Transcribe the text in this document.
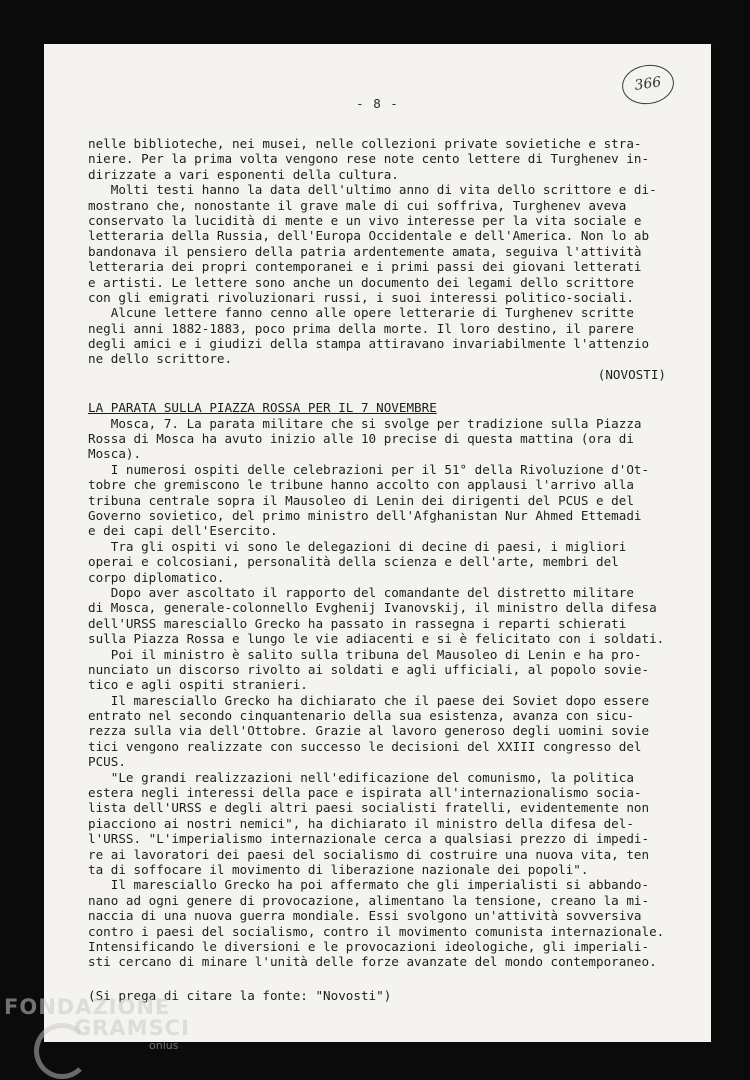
- 8 -
366
nelle biblioteche, nei musei, nelle collezioni private sovietiche e stra-
niere. Per la prima volta vengono rese note cento lettere di Turghenev in-
dirizzate a vari esponenti della cultura.
Molti testi hanno la data dell'ultimo anno di vita dello scrittore e di-
mostrano che, nonostante il grave male di cui soffriva, Turghenev aveva
conservato la lucidità di mente e un vivo interesse per la vita sociale e
letteraria della Russia, dell'Europa Occidentale e dell'America. Non lo ab
bandonava il pensiero della patria ardentemente amata, seguiva l'attività
letteraria dei propri contemporanei e i primi passi dei giovani letterati
e artisti. Le lettere sono anche un documento dei legami dello scrittore
con gli emigrati rivoluzionari russi, i suoi interessi politico-sociali.
Alcune lettere fanno cenno alle opere letterarie di Turghenev scritte
negli anni 1882-1883, poco prima della morte. Il loro destino, il parere
degli amici e i giudizi della stampa attiravano invariabilmente l'attenzio
ne dello scrittore.
(NOVOSTI)
LA PARATA SULLA PIAZZA ROSSA PER IL 7 NOVEMBRE
Mosca, 7. La parata militare che si svolge per tradizione sulla Piazza
Rossa di Mosca ha avuto inizio alle 10 precise di questa mattina (ora di
Mosca).
I numerosi ospiti delle celebrazioni per il 51° della Rivoluzione d'Ot-
tobre che gremiscono le tribune hanno accolto con applausi l'arrivo alla
tribuna centrale sopra il Mausoleo di Lenin dei dirigenti del PCUS e del
Governo sovietico, del primo ministro dell'Afghanistan Nur Ahmed Ettemadi
e dei capi dell'Esercito.
Tra gli ospiti vi sono le delegazioni di decine di paesi, i migliori
operai e colcosiani, personalità della scienza e dell'arte, membri del
corpo diplomatico.
Dopo aver ascoltato il rapporto del comandante del distretto militare
di Mosca, generale-colonnello Evghenij Ivanovskij, il ministro della difesa
dell'URSS maresciallo Grecko ha passato in rassegna i reparti schierati
sulla Piazza Rossa e lungo le vie adiacenti e si è felicitato con i soldati.
Poi il ministro è salito sulla tribuna del Mausoleo di Lenin e ha pro-
nunciato un discorso rivolto ai soldati e agli ufficiali, al popolo sovie-
tico e agli ospiti stranieri.
Il maresciallo Grecko ha dichiarato che il paese dei Soviet dopo essere
entrato nel secondo cinquantenario della sua esistenza, avanza con sicu-
rezza sulla via dell'Ottobre. Grazie al lavoro generoso degli uomini sovie
tici vengono realizzate con successo le decisioni del XXIII congresso del
PCUS.
"Le grandi realizzazioni nell'edificazione del comunismo, la politica
estera negli interessi della pace e ispirata all'internazionalismo socia-
lista dell'URSS e degli altri paesi socialisti fratelli, evidentemente non
piacciono ai nostri nemici", ha dichiarato il ministro della difesa del-
l'URSS. "L'imperialismo internazionale cerca a qualsiasi prezzo di impedi-
re ai lavoratori dei paesi del socialismo di costruire una nuova vita, ten
ta di soffocare il movimento di liberazione nazionale dei popoli".
Il maresciallo Grecko ha poi affermato che gli imperialisti si abbando-
nano ad ogni genere di provocazione, alimentano la tensione, creano la mi-
naccia di una nuova guerra mondiale. Essi svolgono un'attività sovversiva
contro i paesi del socialismo, contro il movimento comunista internazionale.
Intensificando le diversioni e le provocazioni ideologiche, gli imperiali-
sti cercano di minare l'unità delle forze avanzate del mondo contemporaneo.
(Si prega di citare la fonte: "Novosti")
FONDAZIONE
GRAMSCI
onlus
